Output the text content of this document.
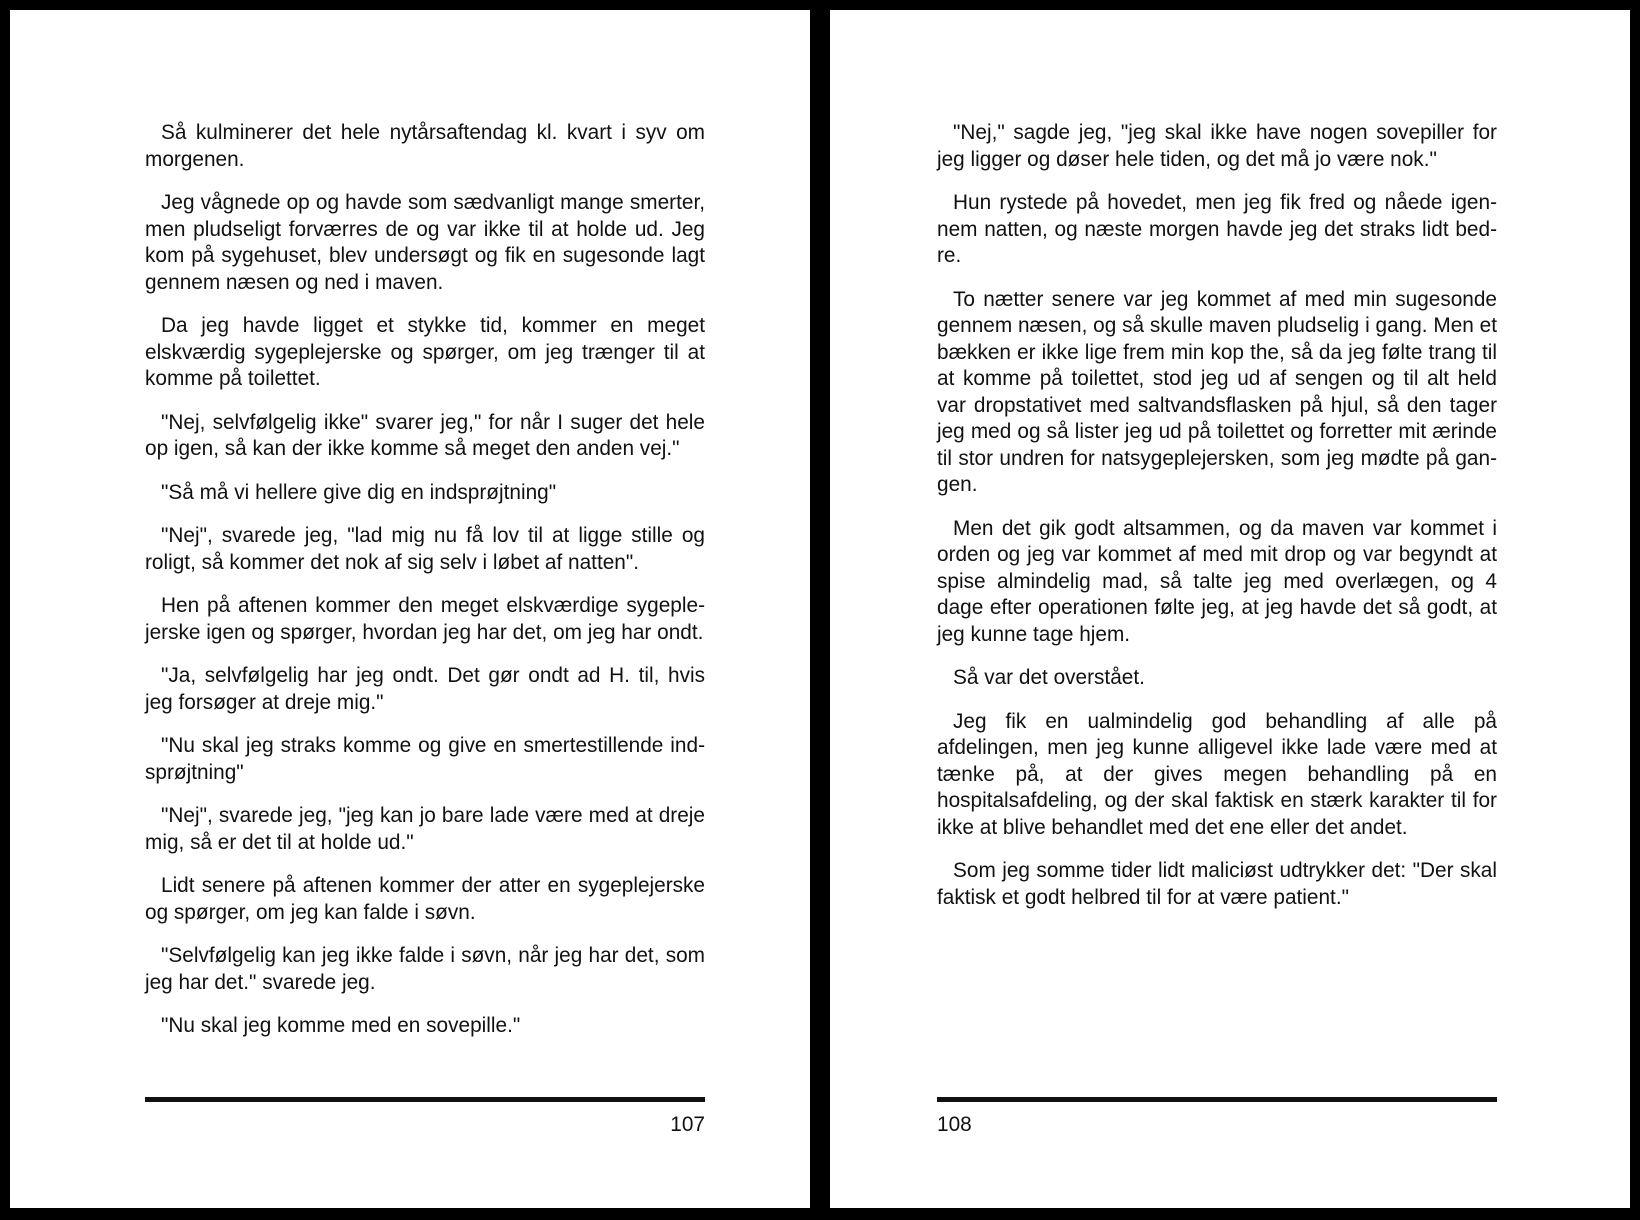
Så kulminerer det hele nytårsaftendag kl. kvart i syv om morgenen.

Jeg vågnede op og havde som sædvanligt mange smerter, men pludseligt forværres de og var ikke til at holde ud. Jeg kom på sygehuset, blev undersøgt og fik en sugesonde lagt gennem næsen og ned i maven.

Da jeg havde ligget et stykke tid, kommer en meget elskværdig sygeplejerske og spørger, om jeg trænger til at komme på toilettet.

"Nej, selvfølgelig ikke" svarer jeg," for når I suger det hele op igen, så kan der ikke komme så meget den anden vej."

"Så må vi hellere give dig en indsprøjtning"

"Nej", svarede jeg, "lad mig nu få lov til at ligge stille og roligt, så kommer det nok af sig selv i løbet af natten".

Hen på aftenen kommer den meget elskværdige sygeplejerske igen og spørger, hvordan jeg har det, om jeg har ondt.

"Ja, selvfølgelig har jeg ondt. Det gør ondt ad H. til, hvis jeg forsøger at dreje mig."

"Nu skal jeg straks komme og give en smertestillende indsprøjtning"

"Nej", svarede jeg, "jeg kan jo bare lade være med at dreje mig, så er det til at holde ud."

Lidt senere på aftenen kommer der atter en sygeplejerske og spørger, om jeg kan falde i søvn.

"Selvfølgelig kan jeg ikke falde i søvn, når jeg har det, som jeg har det." svarede jeg.

"Nu skal jeg komme med en sovepille."

107

"Nej," sagde jeg, "jeg skal ikke have nogen sovepiller for jeg ligger og døser hele tiden, og det må jo være nok."

Hun rystede på hovedet, men jeg fik fred og nåede igennem natten, og næste morgen havde jeg det straks lidt bedre.

To nætter senere var jeg kommet af med min sugesonde gennem næsen, og så skulle maven pludselig i gang. Men et bækken er ikke lige frem min kop the, så da jeg følte trang til at komme på toilettet, stod jeg ud af sengen og til alt held var dropstativet med saltvandsflasken på hjul, så den tager jeg med og så lister jeg ud på toilettet og forretter mit ærinde til stor undren for natsygeplejersken, som jeg mødte på gangen.

Men det gik godt altsammen, og da maven var kommet i orden og jeg var kommet af med mit drop og var begyndt at spise almindelig mad, så talte jeg med overlægen, og 4 dage efter operationen følte jeg, at jeg havde det så godt, at jeg kunne tage hjem.

Så var det overstået.

Jeg fik en ualmindelig god behandling af alle på afdelingen, men jeg kunne alligevel ikke lade være med at tænke på, at der gives megen behandling på en hospitalsafdeling, og der skal faktisk en stærk karakter til for ikke at blive behandlet med det ene eller det andet.

Som jeg somme tider lidt maliciøst udtrykker det: "Der skal faktisk et godt helbred til for at være patient."

108
